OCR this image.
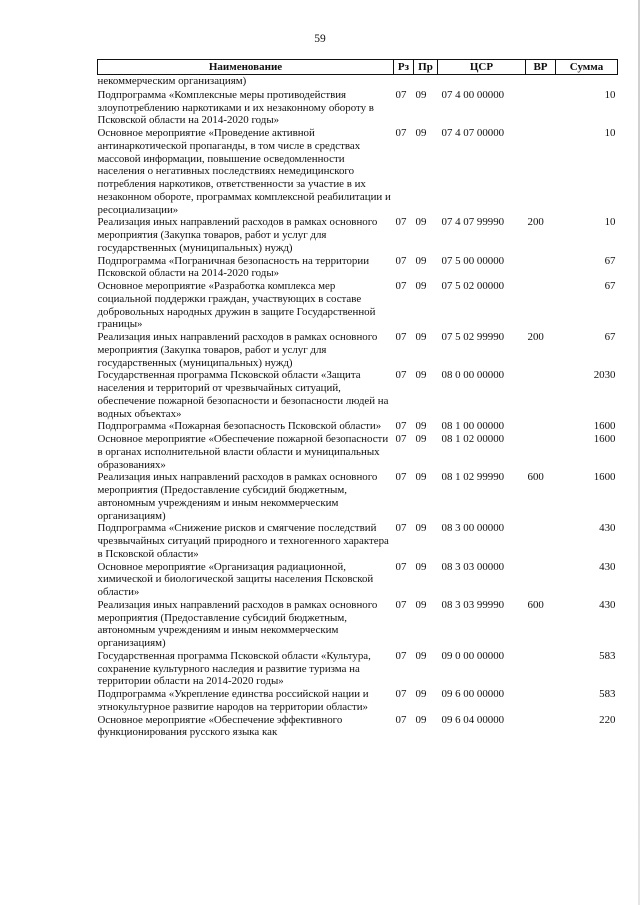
59
Наименование	Рз	Пр	ЦСР	ВР	Сумма
некоммерческим организациям)					
Подпрограмма «Комплексные меры противодействия злоупотреблению наркотиками и их незаконному обороту в Псковской области на 2014-2020 годы»	07	09	07 4 00 00000		10
Основное мероприятие «Проведение активной антинаркотической пропаганды, в том числе в средствах массовой информации, повышение осведомленности населения о негативных последствиях немедицинского потребления наркотиков, ответственности за участие в их незаконном обороте, программах комплексной реабилитации и ресоциализации»	07	09	07 4 07 00000		10
Реализация иных направлений расходов в рамках основного мероприятия (Закупка товаров, работ и услуг для государственных (муниципальных) нужд)	07	09	07 4 07 99990	200	10
Подпрограмма «Пограничная безопасность на территории Псковской области на 2014-2020 годы»	07	09	07 5 00 00000		67
Основное мероприятие «Разработка комплекса мер социальной поддержки граждан, участвующих в составе добровольных народных дружин в защите Государственной границы»	07	09	07 5 02 00000		67
Реализация иных направлений расходов в рамках основного мероприятия (Закупка товаров, работ и услуг для государственных (муниципальных) нужд)	07	09	07 5 02 99990	200	67
Государственная программа Псковской области «Защита населения и территорий от чрезвычайных ситуаций, обеспечение пожарной безопасности и безопасности людей на водных объектах»	07	09	08 0 00 00000		2030
Подпрограмма «Пожарная безопасность Псковской области»	07	09	08 1 00 00000		1600
Основное мероприятие «Обеспечение пожарной безопасности в органах исполнительной власти области и муниципальных образованиях»	07	09	08 1 02 00000		1600
Реализация иных направлений расходов в рамках основного мероприятия (Предоставление субсидий бюджетным, автономным учреждениям и иным некоммерческим организациям)	07	09	08 1 02 99990	600	1600
Подпрограмма «Снижение рисков и смягчение последствий чрезвычайных ситуаций природного и техногенного характера в Псковской области»	07	09	08 3 00 00000		430
Основное мероприятие «Организация радиационной, химической и биологической защиты населения Псковской области»	07	09	08 3 03 00000		430
Реализация иных направлений расходов в рамках основного мероприятия (Предоставление субсидий бюджетным, автономным учреждениям и иным некоммерческим организациям)	07	09	08 3 03 99990	600	430
Государственная программа Псковской области «Культура, сохранение культурного наследия и развитие туризма на территории области на 2014-2020 годы»	07	09	09 0 00 00000		583
Подпрограмма «Укрепление единства российской нации и этнокультурное развитие народов на территории области»	07	09	09 6 00 00000		583
Основное мероприятие «Обеспечение эффективного функционирования русского языка как	07	09	09 6 04 00000		220
